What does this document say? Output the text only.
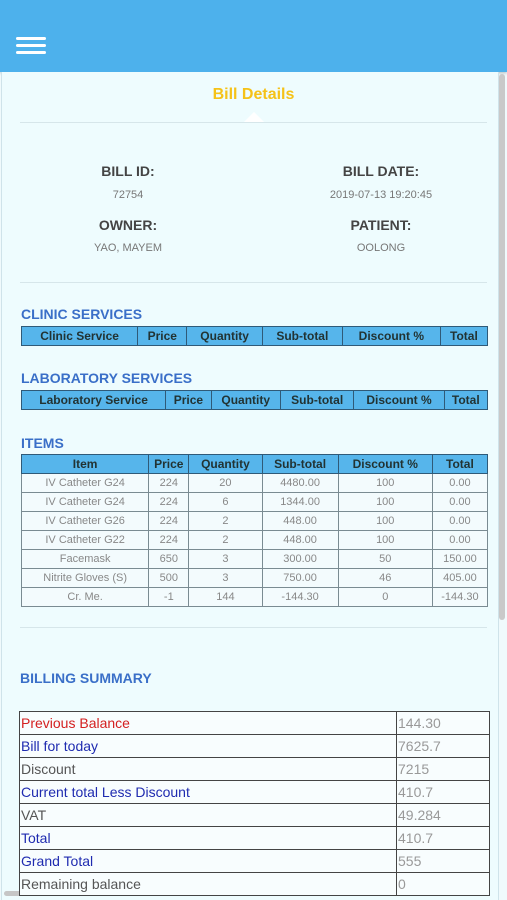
Bill Details
BILL ID:
72754
BILL DATE:
2019-07-13 19:20:45
OWNER:
YAO, MAYEM
PATIENT:
OOLONG
CLINIC SERVICES
Clinic Service	Price	Quantity	Sub-total	Discount %	Total
LABORATORY SERVICES
Laboratory Service	Price	Quantity	Sub-total	Discount %	Total
ITEMS
Item	Price	Quantity	Sub-total	Discount %	Total
IV Catheter G24	224	20	4480.00	100	0.00
IV Catheter G24	224	6	1344.00	100	0.00
IV Catheter G26	224	2	448.00	100	0.00
IV Catheter G22	224	2	448.00	100	0.00
Facemask	650	3	300.00	50	150.00
Nitrite Gloves (S)	500	3	750.00	46	405.00
Cr. Me.	-1	144	-144.30	0	-144.30
BILLING SUMMARY
Previous Balance	144.30
Bill for today	7625.7
Discount	7215
Current total Less Discount	410.7
VAT	49.284
Total	410.7
Grand Total	555
Remaining balance	0
